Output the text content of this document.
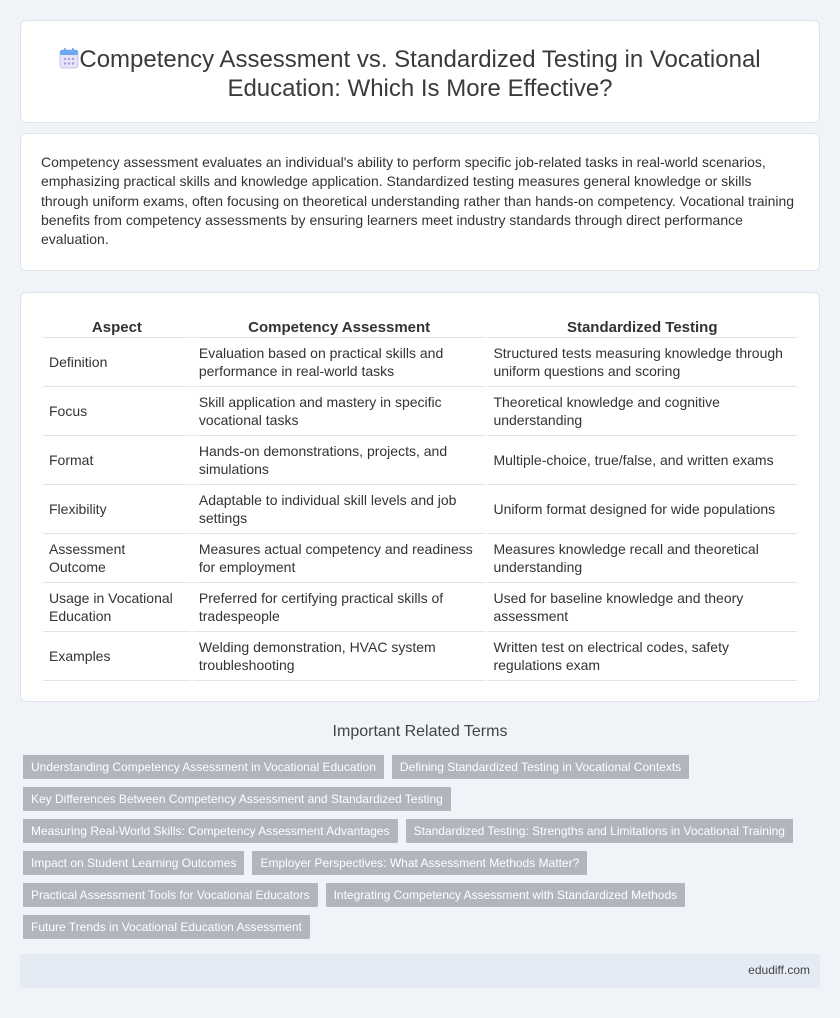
Competency Assessment vs. Standardized Testing in Vocational Education: Which Is More Effective?

Competency assessment evaluates an individual's ability to perform specific job-related tasks in real-world scenarios, emphasizing practical skills and knowledge application. Standardized testing measures general knowledge or skills through uniform exams, often focusing on theoretical understanding rather than hands-on competency. Vocational training benefits from competency assessments by ensuring learners meet industry standards through direct performance evaluation.

Aspect	Competency Assessment	Standardized Testing
Definition	Evaluation based on practical skills and performance in real-world tasks	Structured tests measuring knowledge through uniform questions and scoring
Focus	Skill application and mastery in specific vocational tasks	Theoretical knowledge and cognitive understanding
Format	Hands-on demonstrations, projects, and simulations	Multiple-choice, true/false, and written exams
Flexibility	Adaptable to individual skill levels and job settings	Uniform format designed for wide populations
Assessment Outcome	Measures actual competency and readiness for employment	Measures knowledge recall and theoretical understanding
Usage in Vocational Education	Preferred for certifying practical skills of tradespeople	Used for baseline knowledge and theory assessment
Examples	Welding demonstration, HVAC system troubleshooting	Written test on electrical codes, safety regulations exam
Important Related Terms
Understanding Competency Assessment in Vocational Education	Defining Standardized Testing in Vocational Contexts
Key Differences Between Competency Assessment and Standardized Testing
Measuring Real-World Skills: Competency Assessment Advantages	Standardized Testing: Strengths and Limitations in Vocational Training
Impact on Student Learning Outcomes	Employer Perspectives: What Assessment Methods Matter?
Practical Assessment Tools for Vocational Educators	Integrating Competency Assessment with Standardized Methods
Future Trends in Vocational Education Assessment
edudiff.com
